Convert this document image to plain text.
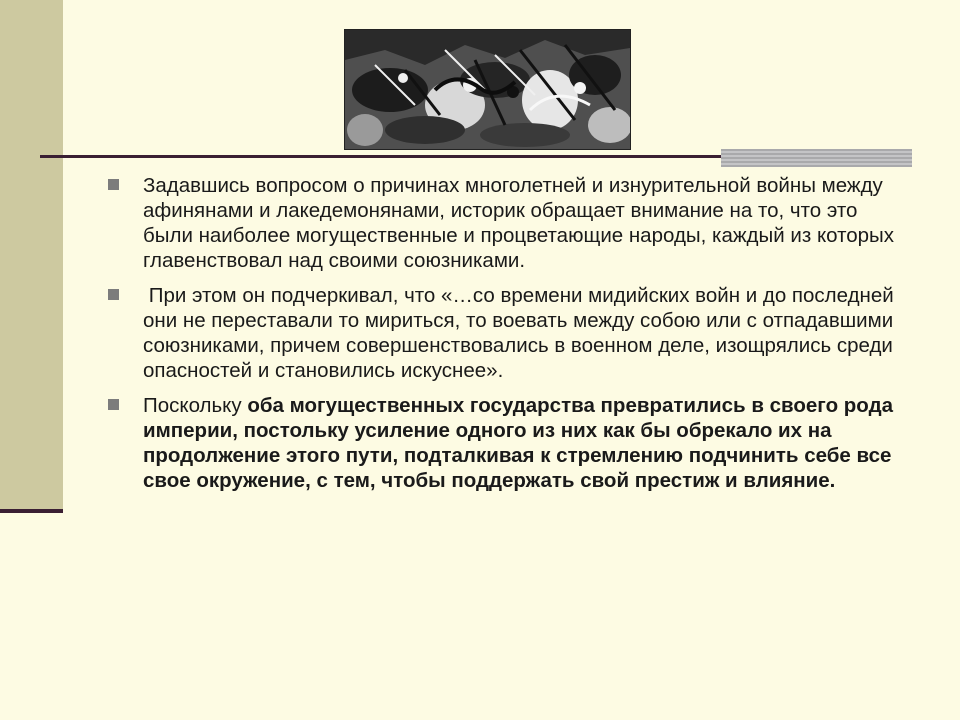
Задавшись вопросом о причинах многолетней и изнурительной войны между афинянами и лакедемонянами, историк обращает внимание на то, что это были наиболее могущественные и процветающие народы, каждый из которых главенствовал над своими союзниками.
При этом он подчеркивал, что «…со времени мидийских войн и до последней они не переставали то мириться, то воевать между собою или с отпадавшими союзниками, причем совершенствовались в военном деле, изощрялись среди опасностей и становились искуснее».
Поскольку оба могущественных государства превратились в своего рода империи, постольку усиление одного из них как бы обрекало их на продолжение этого пути, подталкивая к стремлению подчинить себе все свое окружение, с тем, чтобы поддержать свой престиж и влияние.
